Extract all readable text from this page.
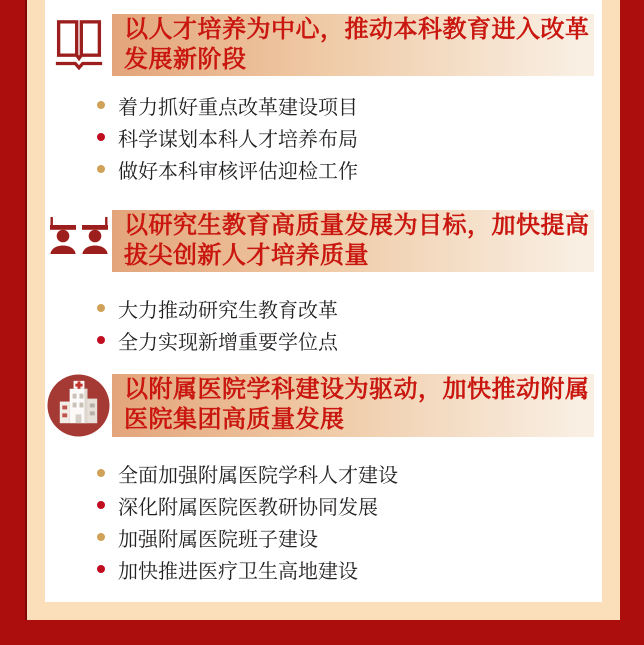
以人才培养为中心，推动本科教育进入改革
发展新阶段
着力抓好重点改革建设项目
科学谋划本科人才培养布局
做好本科审核评估迎检工作
以研究生教育高质量发展为目标，加快提高
拔尖创新人才培养质量
大力推动研究生教育改革
全力实现新增重要学位点
以附属医院学科建设为驱动，加快推动附属
医院集团高质量发展
全面加强附属医院学科人才建设
深化附属医院医教研协同发展
加强附属医院班子建设
加快推进医疗卫生高地建设
